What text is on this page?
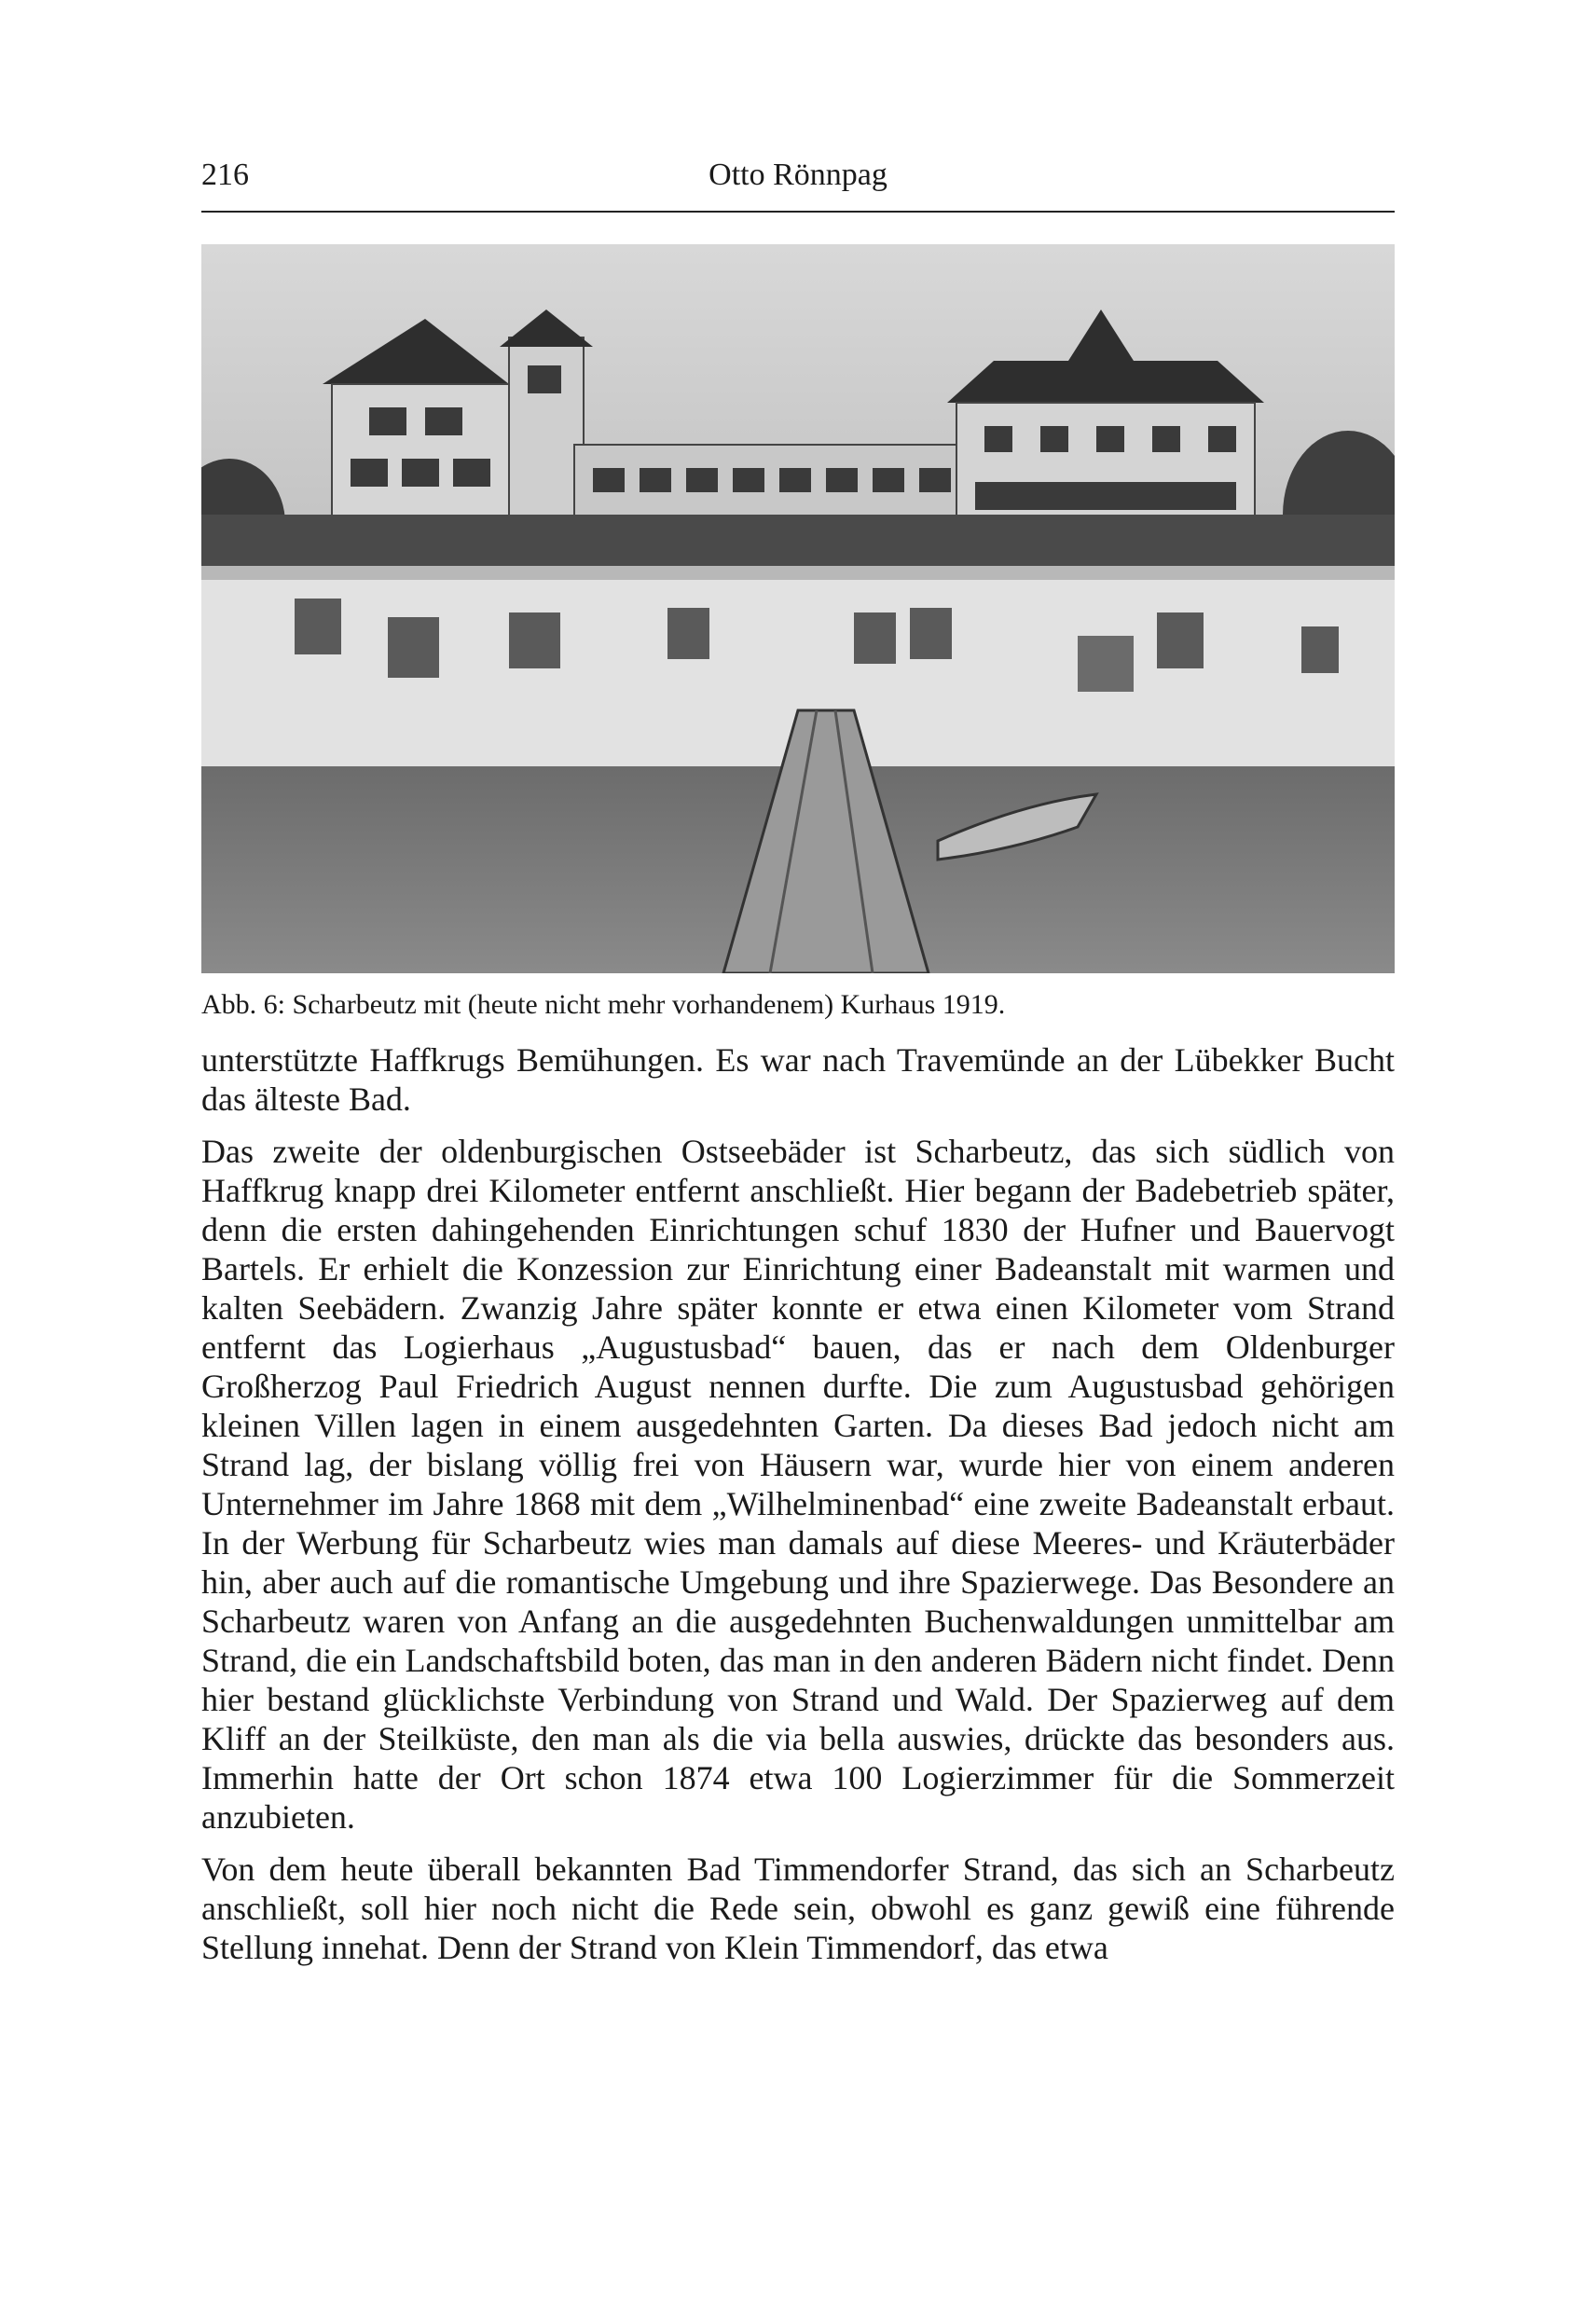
216	Otto Rönnpag
Abb. 6: Scharbeutz mit (heute nicht mehr vorhandenem) Kurhaus 1919.

unterstützte Haffkrugs Bemühungen. Es war nach Travemünde an der Lübekker Bucht das älteste Bad.

Das zweite der oldenburgischen Ostseebäder ist Scharbeutz, das sich südlich von Haffkrug knapp drei Kilometer entfernt anschließt. Hier begann der Badebetrieb später, denn die ersten dahingehenden Einrichtungen schuf 1830 der Hufner und Bauervogt Bartels. Er erhielt die Konzession zur Einrichtung einer Badeanstalt mit warmen und kalten Seebädern. Zwanzig Jahre später konnte er etwa einen Kilometer vom Strand entfernt das Logierhaus „Augustusbad“ bauen, das er nach dem Oldenburger Großherzog Paul Friedrich August nennen durfte. Die zum Augustusbad gehörigen kleinen Villen lagen in einem ausgedehnten Garten. Da dieses Bad jedoch nicht am Strand lag, der bislang völlig frei von Häusern war, wurde hier von einem anderen Unternehmer im Jahre 1868 mit dem „Wilhelminenbad“ eine zweite Badeanstalt erbaut. In der Werbung für Scharbeutz wies man damals auf diese Meeres- und Kräuterbäder hin, aber auch auf die romantische Umgebung und ihre Spazierwege. Das Besondere an Scharbeutz waren von Anfang an die ausgedehnten Buchenwaldungen unmittelbar am Strand, die ein Landschaftsbild boten, das man in den anderen Bädern nicht findet. Denn hier bestand glücklichste Verbindung von Strand und Wald. Der Spazierweg auf dem Kliff an der Steilküste, den man als die via bella auswies, drückte das besonders aus. Immerhin hatte der Ort schon 1874 etwa 100 Logierzimmer für die Sommerzeit anzubieten.

Von dem heute überall bekannten Bad Timmendorfer Strand, das sich an Scharbeutz anschließt, soll hier noch nicht die Rede sein, obwohl es ganz gewiß eine führende Stellung innehat. Denn der Strand von Klein Timmendorf, das etwa
